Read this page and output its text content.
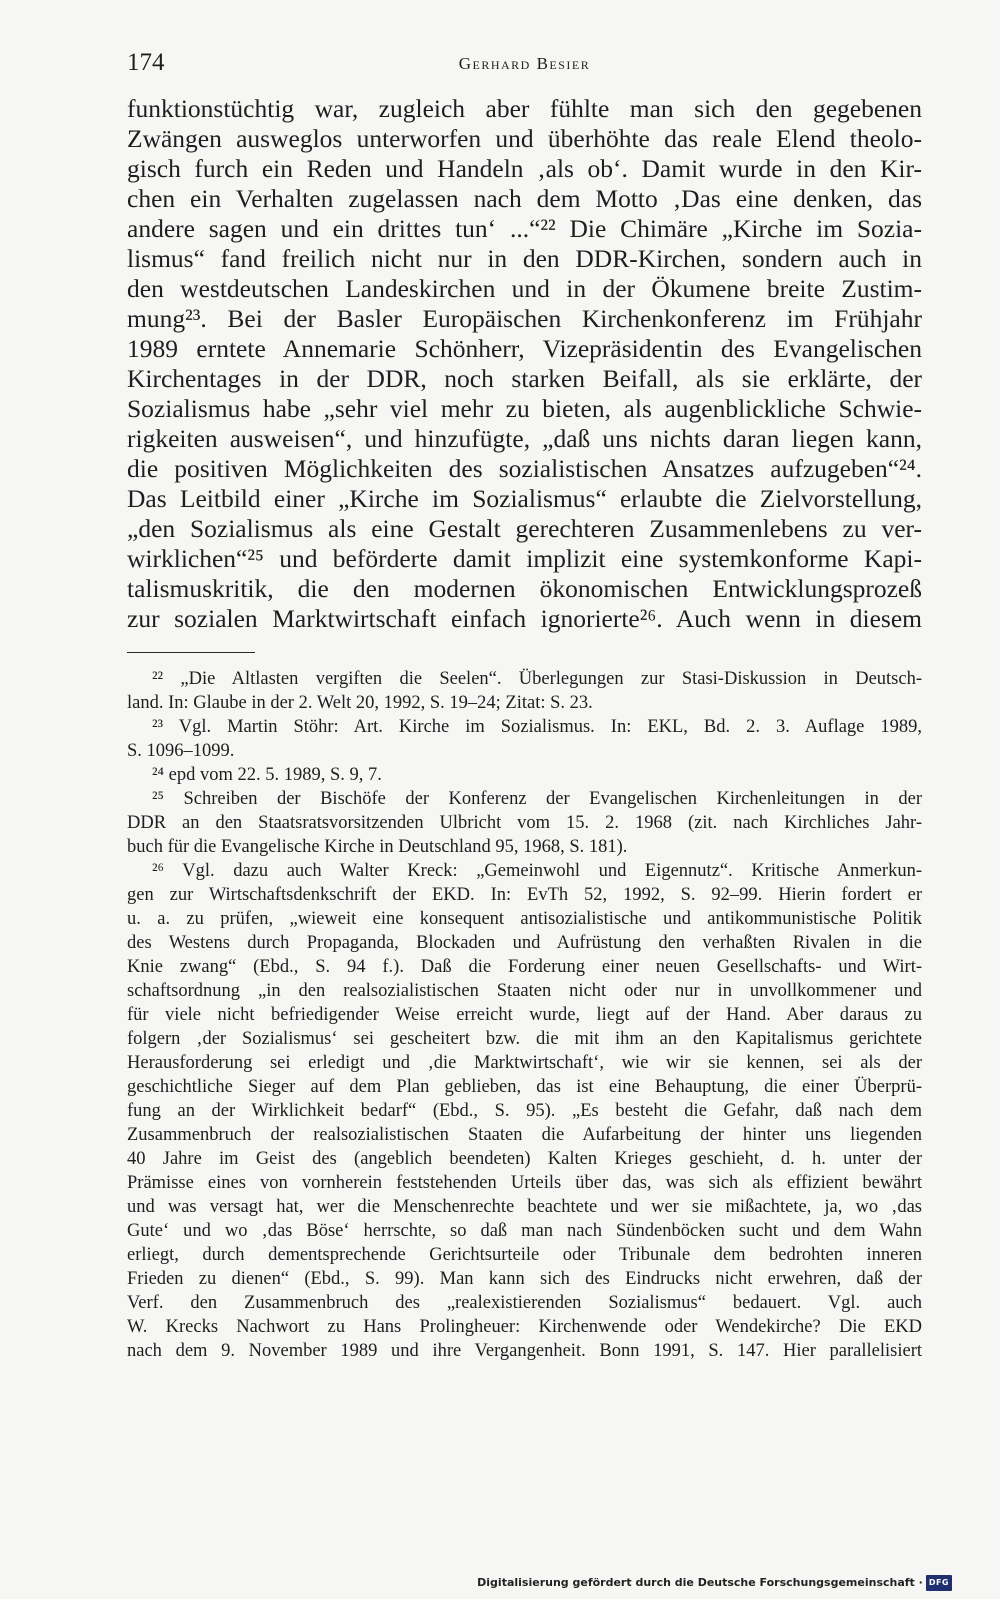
174	Gerhard Besier
funktionstüchtig war, zugleich aber fühlte man sich den gegebenen
Zwängen ausweglos unterworfen und überhöhte das reale Elend theolo-
gisch furch ein Reden und Handeln ‚als ob‘. Damit wurde in den Kir-
chen ein Verhalten zugelassen nach dem Motto ‚Das eine denken, das
andere sagen und ein drittes tun‘ ...“²² Die Chimäre „Kirche im Sozia-
lismus“ fand freilich nicht nur in den DDR-Kirchen, sondern auch in
den westdeutschen Landeskirchen und in der Ökumene breite Zustim-
mung²³. Bei der Basler Europäischen Kirchenkonferenz im Frühjahr
1989 erntete Annemarie Schönherr, Vizepräsidentin des Evangelischen
Kirchentages in der DDR, noch starken Beifall, als sie erklärte, der
Sozialismus habe „sehr viel mehr zu bieten, als augenblickliche Schwie-
rigkeiten ausweisen“, und hinzufügte, „daß uns nichts daran liegen kann,
die positiven Möglichkeiten des sozialistischen Ansatzes aufzugeben“²⁴.
Das Leitbild einer „Kirche im Sozialismus“ erlaubte die Zielvorstellung,
„den Sozialismus als eine Gestalt gerechteren Zusammenlebens zu ver-
wirklichen“²⁵ und beförderte damit implizit eine systemkonforme Kapi-
talismuskritik, die den modernen ökonomischen Entwicklungsprozeß
zur sozialen Marktwirtschaft einfach ignorierte²⁶. Auch wenn in diesem
²² „Die Altlasten vergiften die Seelen“. Überlegungen zur Stasi-Diskussion in Deutsch-
land. In: Glaube in der 2. Welt 20, 1992, S. 19–24; Zitat: S. 23.
²³ Vgl. Martin Stöhr: Art. Kirche im Sozialismus. In: EKL, Bd. 2. 3. Auflage 1989,
S. 1096–1099.
²⁴ epd vom 22. 5. 1989, S. 9, 7.
²⁵ Schreiben der Bischöfe der Konferenz der Evangelischen Kirchenleitungen in der
DDR an den Staatsratsvorsitzenden Ulbricht vom 15. 2. 1968 (zit. nach Kirchliches Jahr-
buch für die Evangelische Kirche in Deutschland 95, 1968, S. 181).
²⁶ Vgl. dazu auch Walter Kreck: „Gemeinwohl und Eigennutz“. Kritische Anmerkun-
gen zur Wirtschaftsdenkschrift der EKD. In: EvTh 52, 1992, S. 92–99. Hierin fordert er
u. a. zu prüfen, „wieweit eine konsequent antisozialistische und antikommunistische Politik
des Westens durch Propaganda, Blockaden und Aufrüstung den verhaßten Rivalen in die
Knie zwang“ (Ebd., S. 94 f.). Daß die Forderung einer neuen Gesellschafts- und Wirt-
schaftsordnung „in den realsozialistischen Staaten nicht oder nur in unvollkommener und
für viele nicht befriedigender Weise erreicht wurde, liegt auf der Hand. Aber daraus zu
folgern ‚der Sozialismus‘ sei gescheitert bzw. die mit ihm an den Kapitalismus gerichtete
Herausforderung sei erledigt und ‚die Marktwirtschaft‘, wie wir sie kennen, sei als der
geschichtliche Sieger auf dem Plan geblieben, das ist eine Behauptung, die einer Überprü-
fung an der Wirklichkeit bedarf“ (Ebd., S. 95). „Es besteht die Gefahr, daß nach dem
Zusammenbruch der realsozialistischen Staaten die Aufarbeitung der hinter uns liegenden
40 Jahre im Geist des (angeblich beendeten) Kalten Krieges geschieht, d. h. unter der
Prämisse eines von vornherein feststehenden Urteils über das, was sich als effizient bewährt
und was versagt hat, wer die Menschenrechte beachtete und wer sie mißachtete, ja, wo ‚das
Gute‘ und wo ‚das Böse‘ herrschte, so daß man nach Sündenböcken sucht und dem Wahn
erliegt, durch dementsprechende Gerichtsurteile oder Tribunale dem bedrohten inneren
Frieden zu dienen“ (Ebd., S. 99). Man kann sich des Eindrucks nicht erwehren, daß der
Verf. den Zusammenbruch des „realexistierenden Sozialismus“ bedauert. Vgl. auch
W. Krecks Nachwort zu Hans Prolingheuer: Kirchenwende oder Wendekirche? Die EKD
nach dem 9. November 1989 und ihre Vergangenheit. Bonn 1991, S. 147. Hier parallelisiert
Digitalisierung gefördert durch die Deutsche Forschungsgemeinschaft · DFG
